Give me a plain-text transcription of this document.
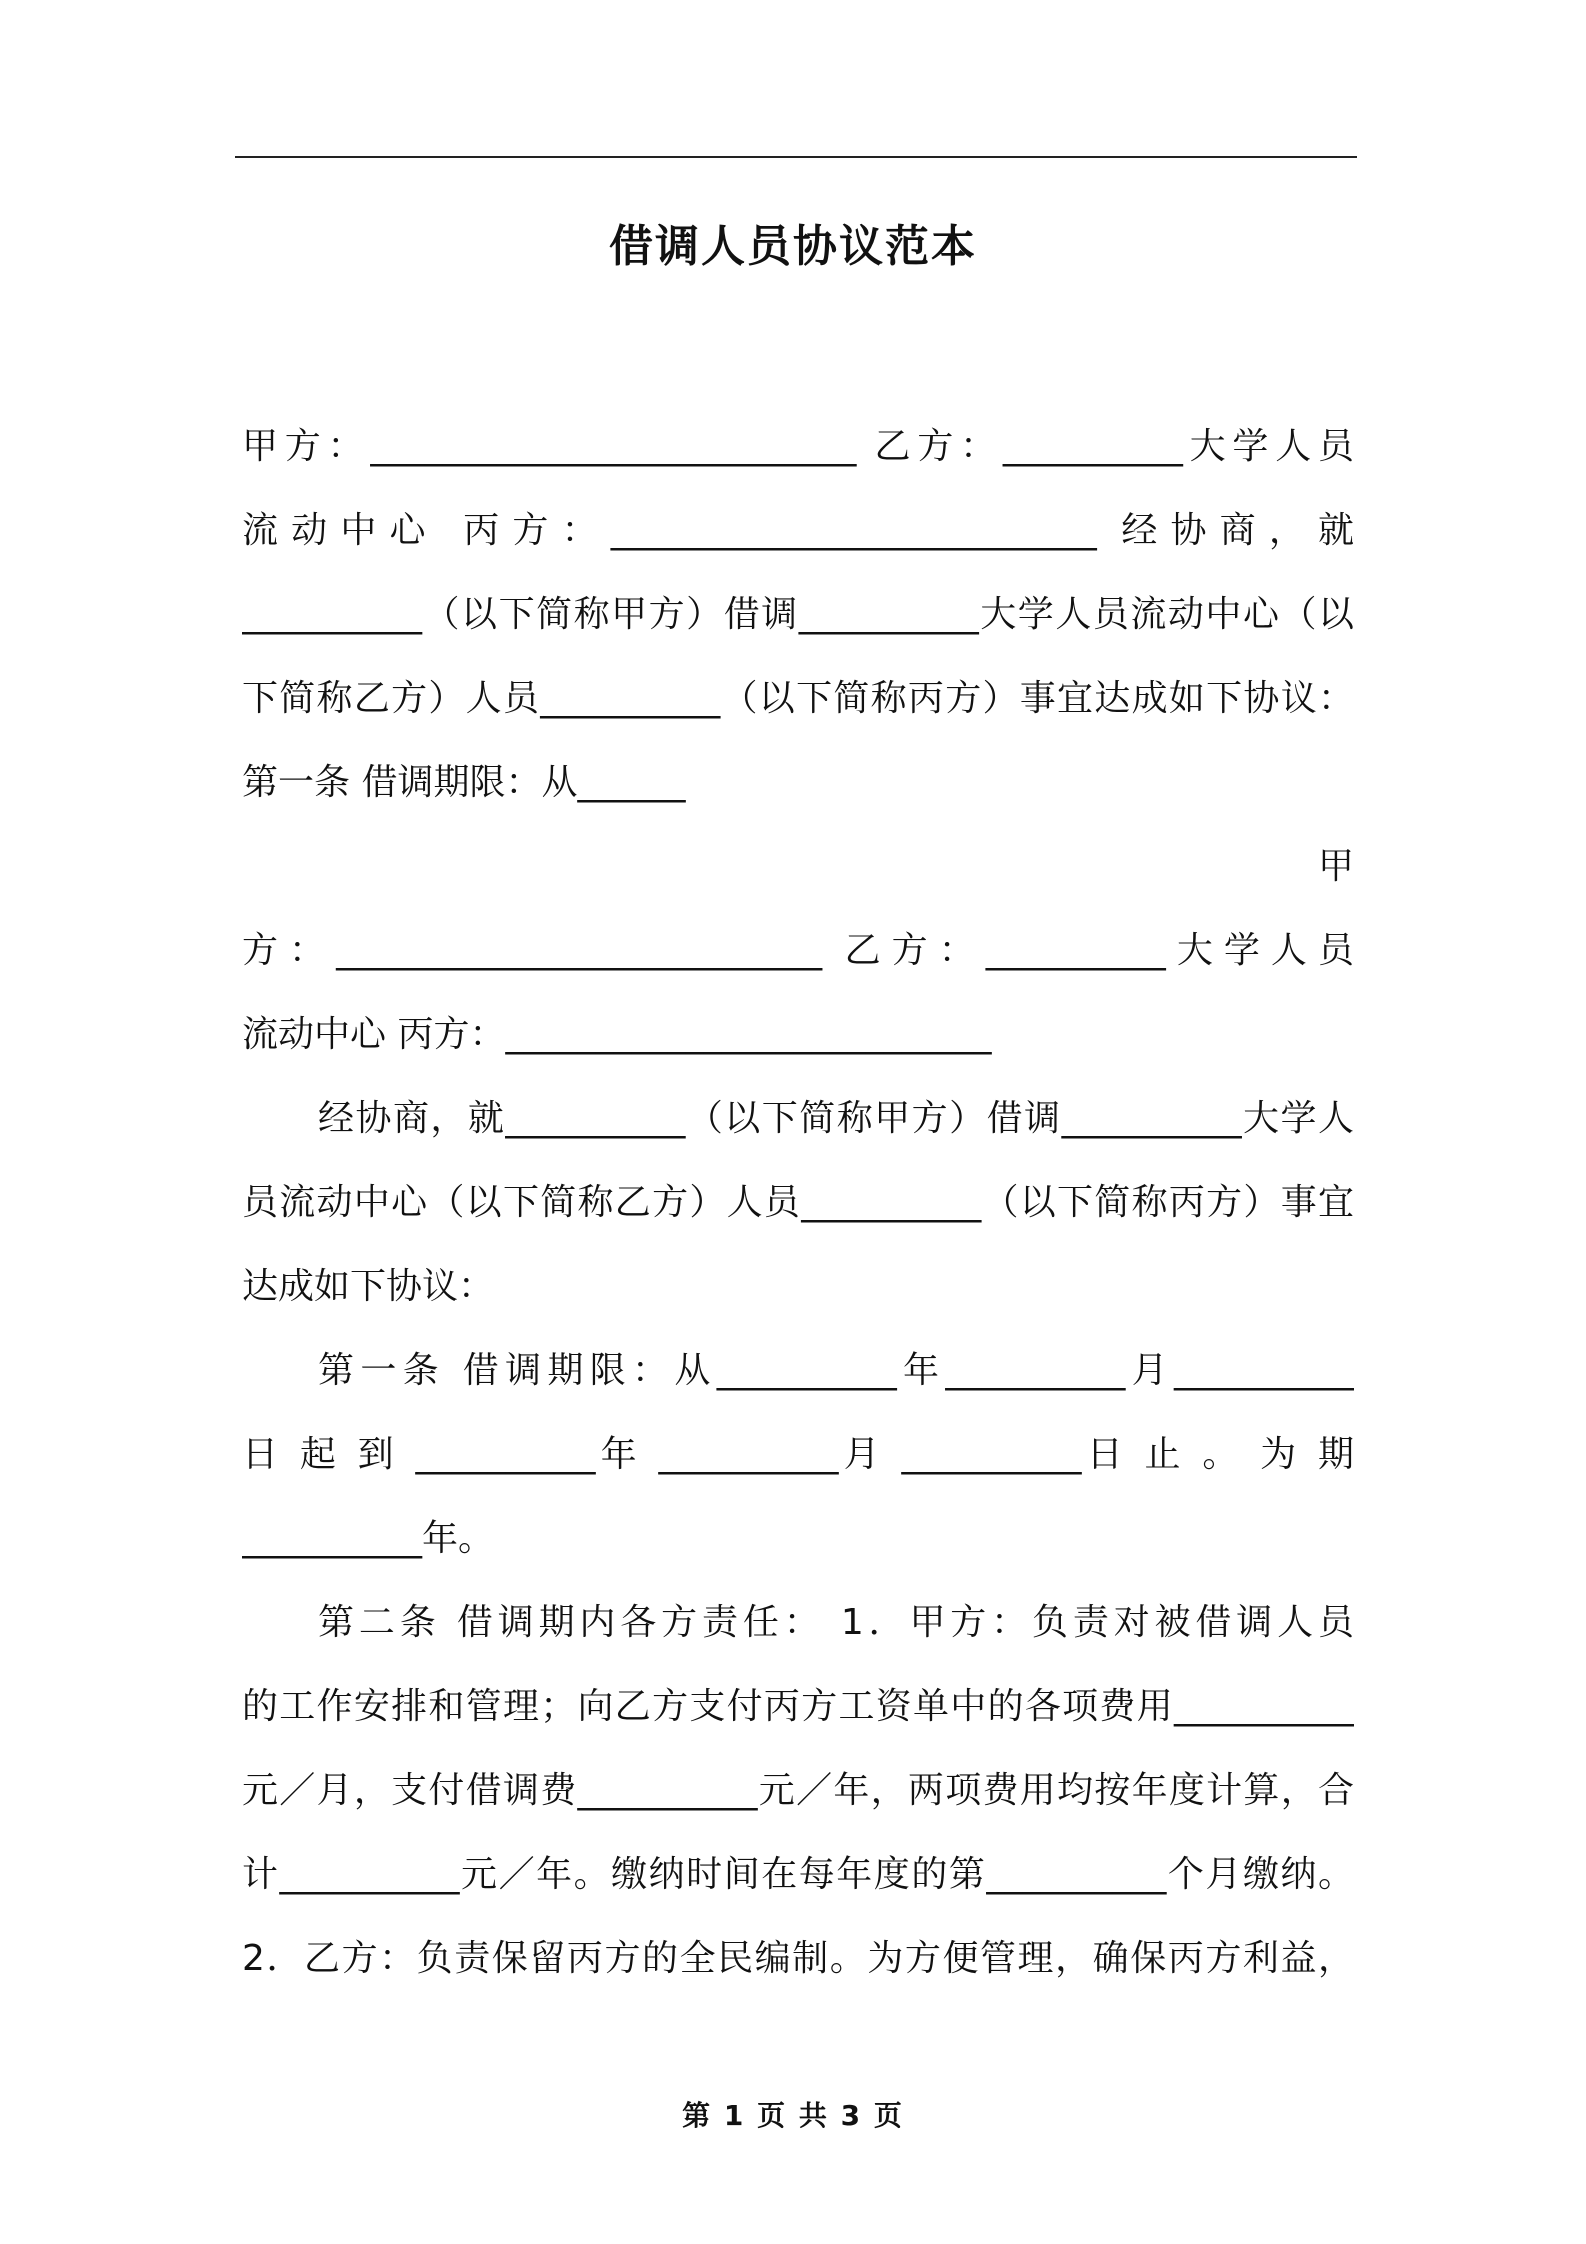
借调人员协议范本
甲方：___________________________ 乙方：__________大学人员
流动中心 丙方：___________________________ 经协商，就
__________（以下简称甲方）借调__________大学人员流动中心（以
下简称乙方）人员__________（以下简称丙方）事宜达成如下协议：
第一条 借调期限：从______
甲
方：___________________________ 乙方：__________大学人员
流动中心 丙方：___________________________
经协商，就__________（以下简称甲方）借调__________大学人
员流动中心（以下简称乙方）人员__________（以下简称丙方）事宜
达成如下协议：
第一条 借调期限：从__________年__________月__________
日 起 到 __________年 __________月 __________日 止 。 为 期
__________年。
第二条 借调期内各方责任： 1．甲方：负责对被借调人员
的工作安排和管理；向乙方支付丙方工资单中的各项费用__________
元／月，支付借调费__________元／年，两项费用均按年度计算，合
计__________元／年。缴纳时间在每年度的第__________个月缴纳。
2．乙方：负责保留丙方的全民编制。为方便管理，确保丙方利益，
第 1 页 共 3 页
